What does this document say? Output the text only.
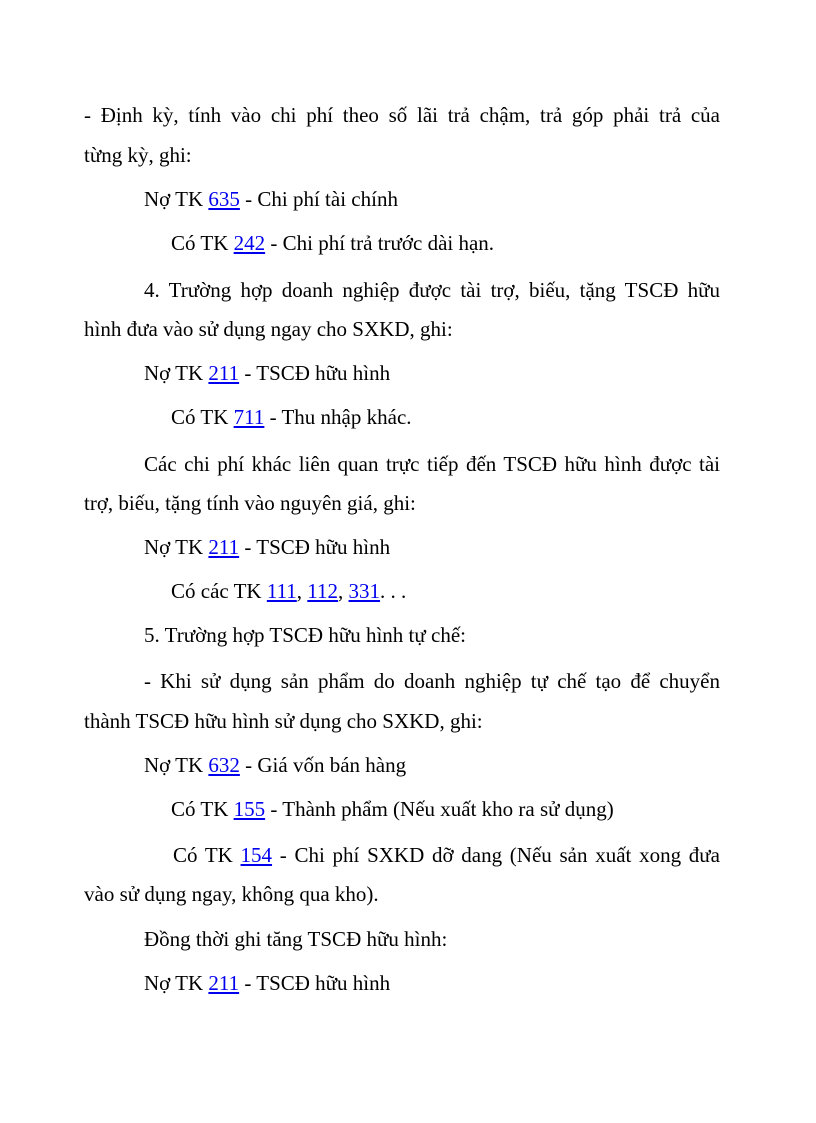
- Định kỳ, tính vào chi phí theo số lãi trả chậm, trả góp phải trả của
từng kỳ, ghi:
Nợ TK 635 - Chi phí tài chính
Có TK 242 - Chi phí trả trước dài hạn.
4. Trường hợp doanh nghiệp được tài trợ, biếu, tặng TSCĐ hữu
hình đưa vào sử dụng ngay cho SXKD, ghi:
Nợ TK 211 - TSCĐ hữu hình
Có TK 711 - Thu nhập khác.
Các chi phí khác liên quan trực tiếp đến TSCĐ hữu hình được tài
trợ, biếu, tặng tính vào nguyên giá, ghi:
Nợ TK 211 - TSCĐ hữu hình
Có các TK 111, 112, 331. . .
5. Trường hợp TSCĐ hữu hình tự chế:
- Khi sử dụng sản phẩm do doanh nghiệp tự chế tạo để chuyển
thành TSCĐ hữu hình sử dụng cho SXKD, ghi:
Nợ TK 632 - Giá vốn bán hàng
Có TK 155 - Thành phẩm (Nếu xuất kho ra sử dụng)
Có TK 154 - Chi phí SXKD dỡ dang (Nếu sản xuất xong đưa
vào sử dụng ngay, không qua kho).
Đồng thời ghi tăng TSCĐ hữu hình:
Nợ TK 211 - TSCĐ hữu hình
